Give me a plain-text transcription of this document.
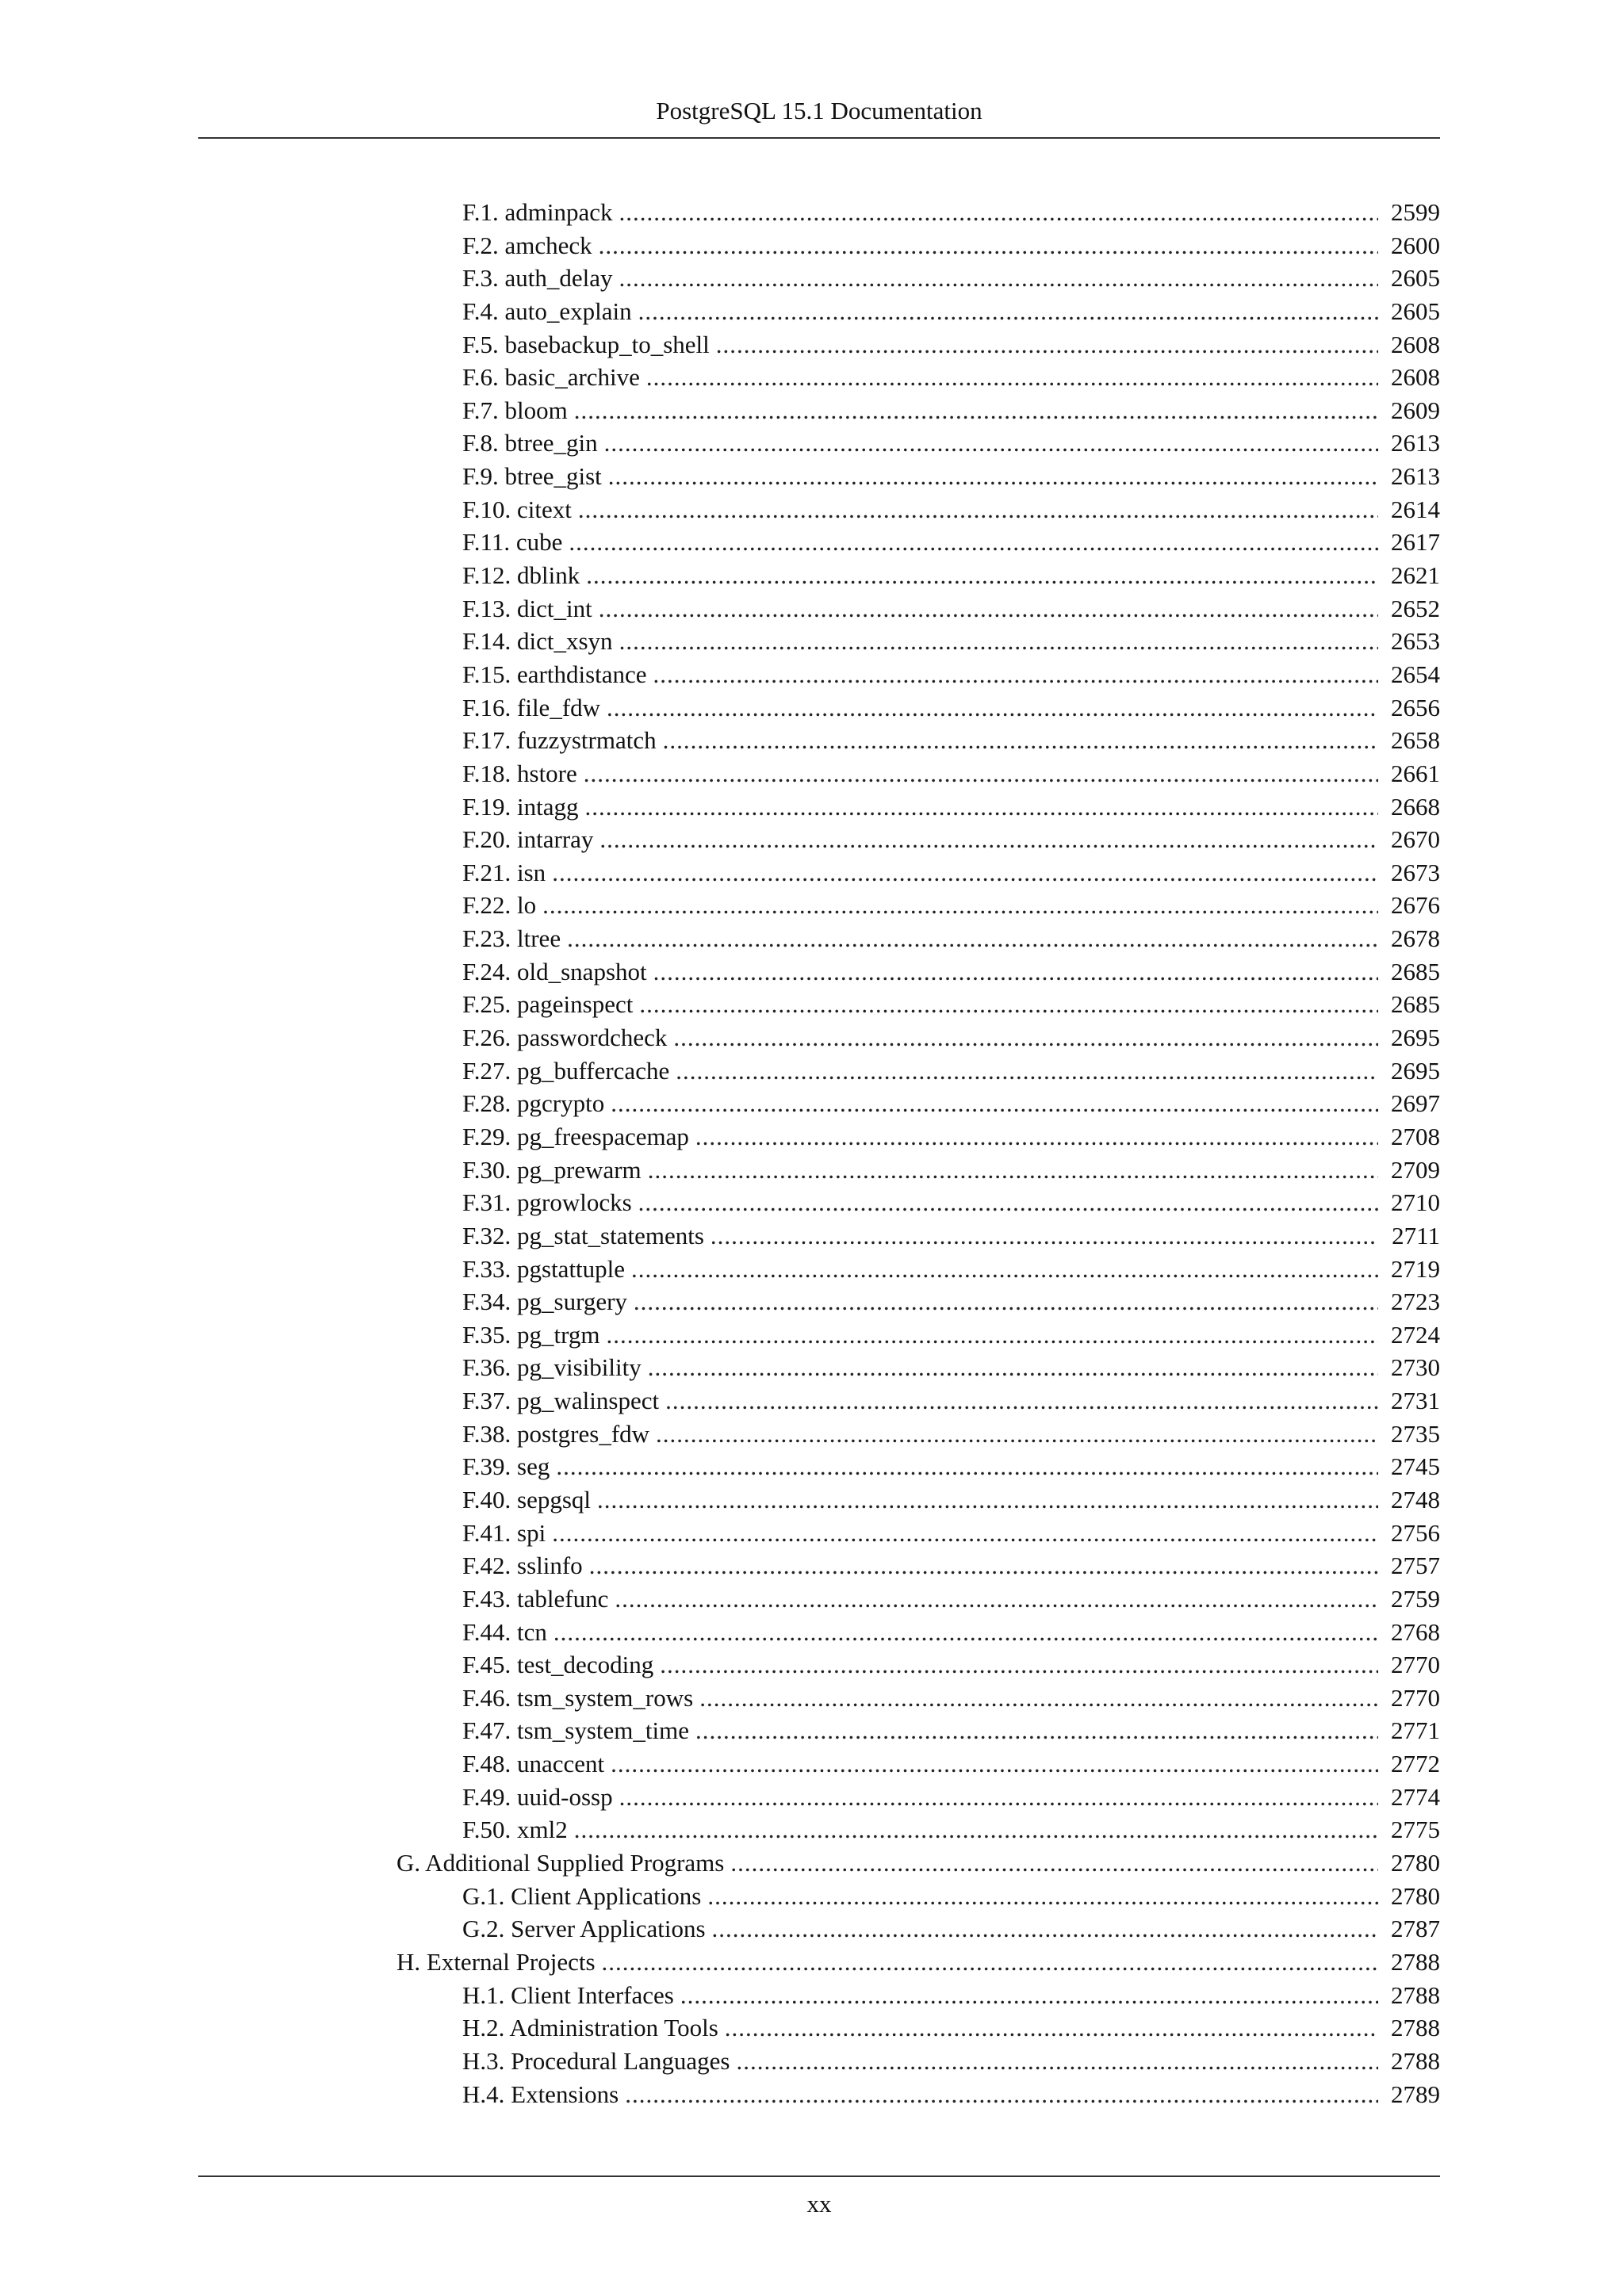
PostgreSQL 15.1 Documentation
F.1. adminpack .....	2599
F.2. amcheck .....	2600
F.3. auth_delay .....	2605
F.4. auto_explain .....	2605
F.5. basebackup_to_shell .....	2608
F.6. basic_archive .....	2608
F.7. bloom .....	2609
F.8. btree_gin .....	2613
F.9. btree_gist .....	2613
F.10. citext .....	2614
F.11. cube .....	2617
F.12. dblink .....	2621
F.13. dict_int .....	2652
F.14. dict_xsyn .....	2653
F.15. earthdistance .....	2654
F.16. file_fdw .....	2656
F.17. fuzzystrmatch .....	2658
F.18. hstore .....	2661
F.19. intagg .....	2668
F.20. intarray .....	2670
F.21. isn .....	2673
F.22. lo .....	2676
F.23. ltree .....	2678
F.24. old_snapshot .....	2685
F.25. pageinspect .....	2685
F.26. passwordcheck .....	2695
F.27. pg_buffercache .....	2695
F.28. pgcrypto .....	2697
F.29. pg_freespacemap .....	2708
F.30. pg_prewarm .....	2709
F.31. pgrowlocks .....	2710
F.32. pg_stat_statements .....	2711
F.33. pgstattuple .....	2719
F.34. pg_surgery .....	2723
F.35. pg_trgm .....	2724
F.36. pg_visibility .....	2730
F.37. pg_walinspect .....	2731
F.38. postgres_fdw .....	2735
F.39. seg .....	2745
F.40. sepgsql .....	2748
F.41. spi .....	2756
F.42. sslinfo .....	2757
F.43. tablefunc .....	2759
F.44. tcn .....	2768
F.45. test_decoding .....	2770
F.46. tsm_system_rows .....	2770
F.47. tsm_system_time .....	2771
F.48. unaccent .....	2772
F.49. uuid-ossp .....	2774
F.50. xml2 .....	2775
G. Additional Supplied Programs .....	2780
G.1. Client Applications .....	2780
G.2. Server Applications .....	2787
H. External Projects .....	2788
H.1. Client Interfaces .....	2788
H.2. Administration Tools .....	2788
H.3. Procedural Languages .....	2788
H.4. Extensions .....	2789
xx
